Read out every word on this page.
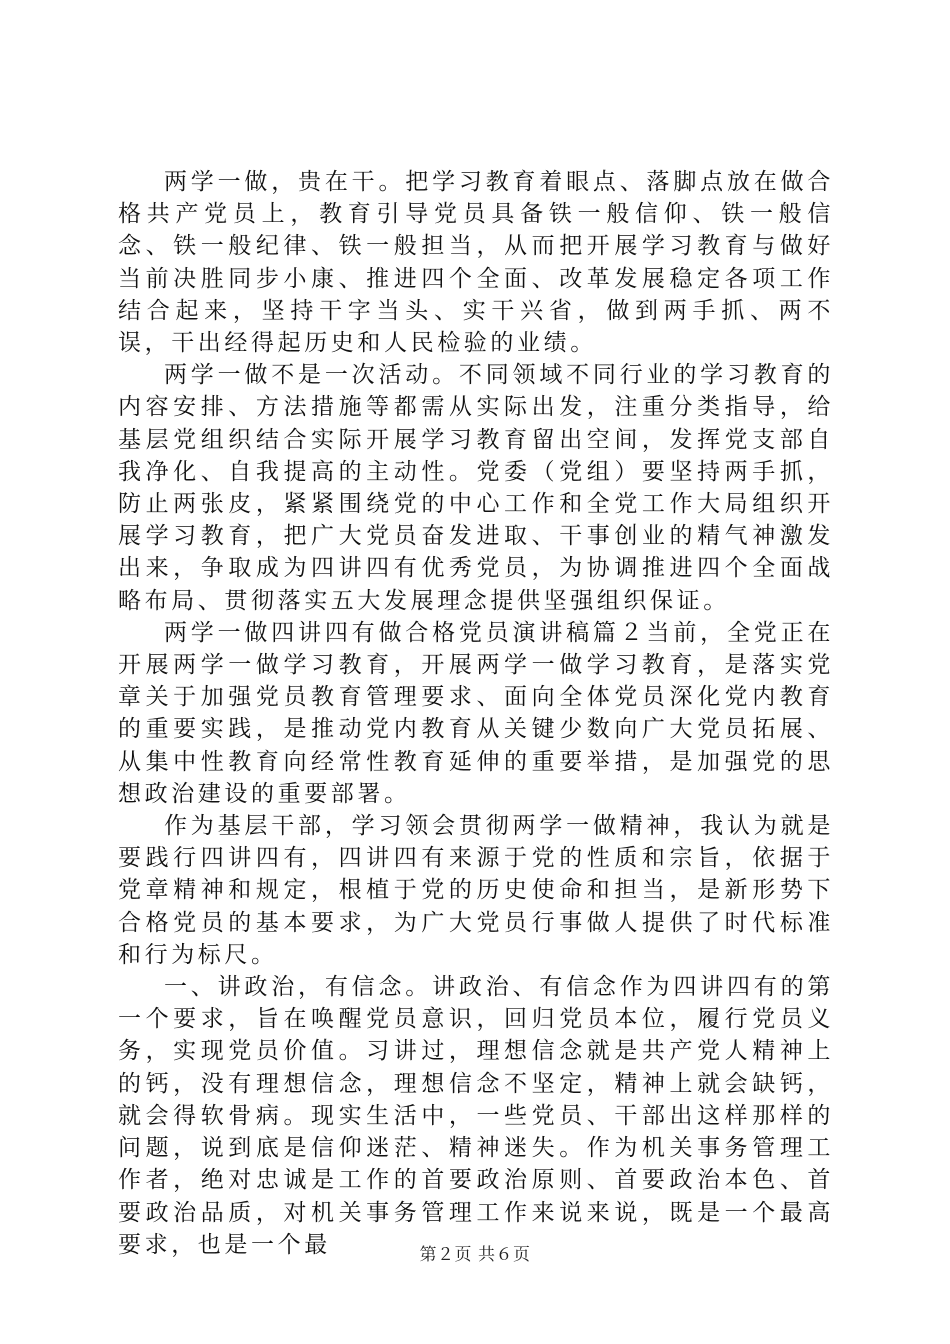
两学一做，贵在干。把学习教育着眼点、落脚点放在做合格共产党员上，教育引导党员具备铁一般信仰、铁一般信念、铁一般纪律、铁一般担当，从而把开展学习教育与做好当前决胜同步小康、推进四个全面、改革发展稳定各项工作结合起来，坚持干字当头、实干兴省，做到两手抓、两不误，干出经得起历史和人民检验的业绩。

两学一做不是一次活动。不同领域不同行业的学习教育的内容安排、方法措施等都需从实际出发，注重分类指导，给基层党组织结合实际开展学习教育留出空间，发挥党支部自我净化、自我提高的主动性。党委（党组）要坚持两手抓，防止两张皮，紧紧围绕党的中心工作和全党工作大局组织开展学习教育，把广大党员奋发进取、干事创业的精气神激发出来，争取成为四讲四有优秀党员，为协调推进四个全面战略布局、贯彻落实五大发展理念提供坚强组织保证。

两学一做四讲四有做合格党员演讲稿篇２当前，全党正在开展两学一做学习教育，开展两学一做学习教育，是落实党章关于加强党员教育管理要求、面向全体党员深化党内教育的重要实践，是推动党内教育从关键少数向广大党员拓展、从集中性教育向经常性教育延伸的重要举措，是加强党的思想政治建设的重要部署。

作为基层干部，学习领会贯彻两学一做精神，我认为就是要践行四讲四有，四讲四有来源于党的性质和宗旨，依据于党章精神和规定，根植于党的历史使命和担当，是新形势下合格党员的基本要求，为广大党员行事做人提供了时代标准和行为标尺。

一、讲政治，有信念。讲政治、有信念作为四讲四有的第一个要求，旨在唤醒党员意识，回归党员本位，履行党员义务，实现党员价值。习讲过，理想信念就是共产党人精神上的钙，没有理想信念，理想信念不坚定，精神上就会缺钙，就会得软骨病。现实生活中，一些党员、干部出这样那样的问题，说到底是信仰迷茫、精神迷失。作为机关事务管理工作者，绝对忠诚是工作的首要政治原则、首要政治本色、首要政治品质，对机关事务管理工作来说来说，既是一个最高要求，也是一个最	第２页 共６页
